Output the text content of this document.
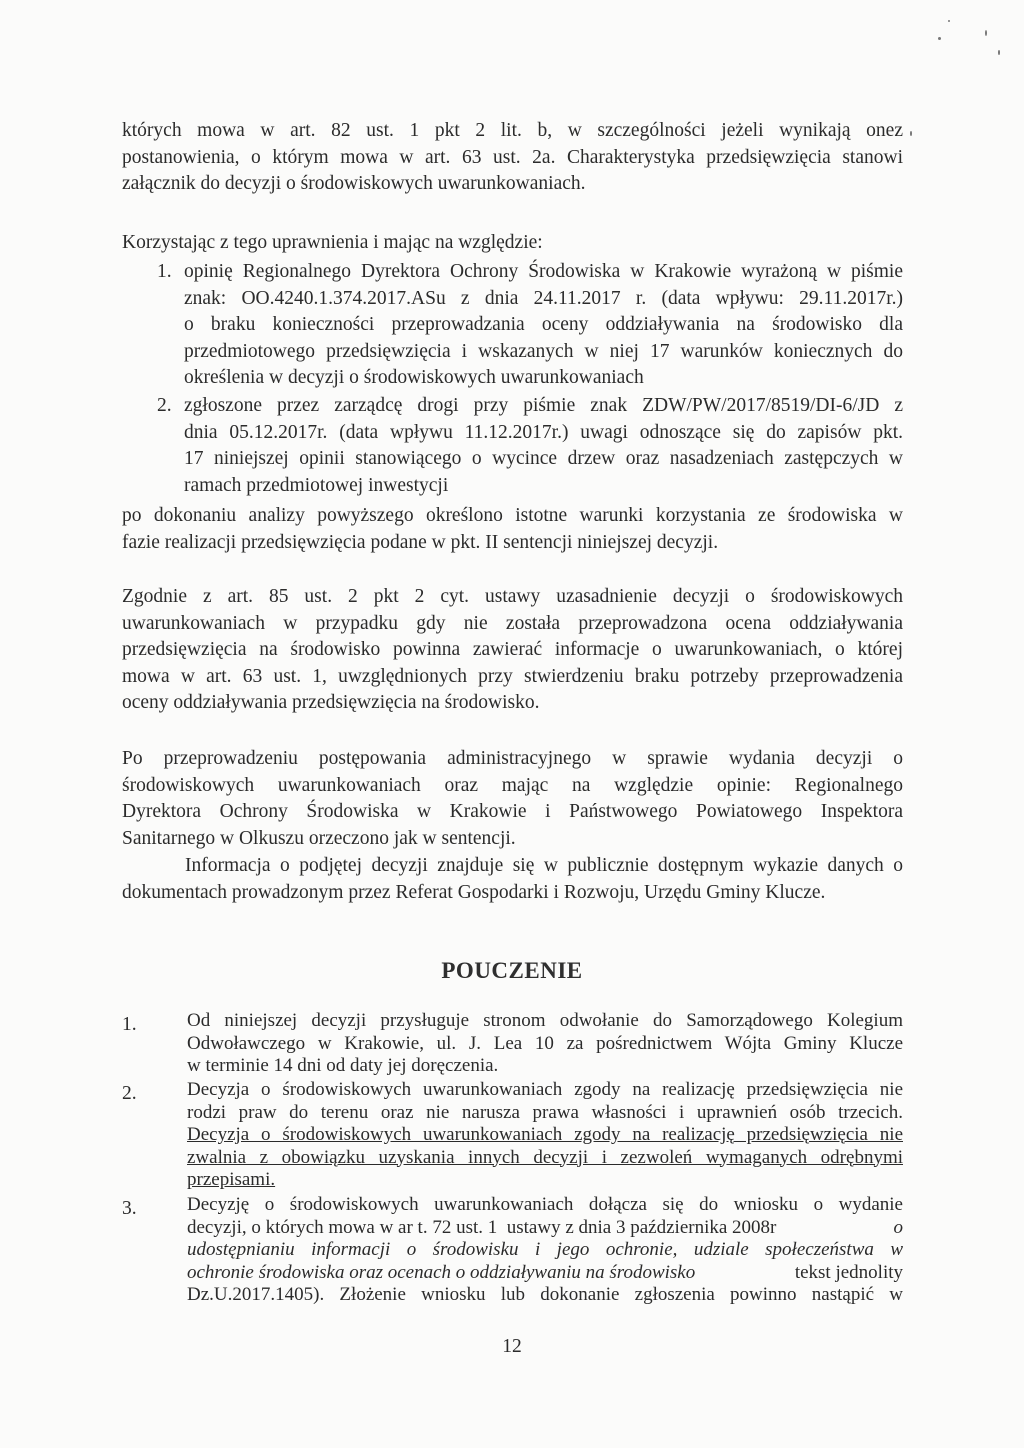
których mowa w art. 82 ust. 1 pkt 2 lit. b, w szczególności jeżeli wynikają onez
postanowienia, o którym mowa w art. 63 ust. 2a. Charakterystyka przedsięwzięcia stanowi
załącznik do decyzji o środowiskowych uwarunkowaniach.
Korzystając z tego uprawnienia i mając na względzie:
1. opinię Regionalnego Dyrektora Ochrony Środowiska w Krakowie wyrażoną w piśmie
znak: OO.4240.1.374.2017.ASu z dnia 24.11.2017 r. (data wpływu: 29.11.2017r.)
o braku konieczności przeprowadzania oceny oddziaływania na środowisko dla
przedmiotowego przedsięwzięcia i wskazanych w niej 17 warunków koniecznych do
określenia w decyzji o środowiskowych uwarunkowaniach
2. zgłoszone przez zarządcę drogi przy piśmie znak ZDW/PW/2017/8519/DI-6/JD z
dnia 05.12.2017r. (data wpływu 11.12.2017r.) uwagi odnoszące się do zapisów pkt.
17 niniejszej opinii stanowiącego o wycince drzew oraz nasadzeniach zastępczych w
ramach przedmiotowej inwestycji
po dokonaniu analizy powyższego określono istotne warunki korzystania ze środowiska w
fazie realizacji przedsięwzięcia podane w pkt. II sentencji niniejszej decyzji.
Zgodnie z art. 85 ust. 2 pkt 2 cyt. ustawy uzasadnienie decyzji o środowiskowych
uwarunkowaniach w przypadku gdy nie została przeprowadzona ocena oddziaływania
przedsięwzięcia na środowisko powinna zawierać informacje o uwarunkowaniach, o której
mowa w art. 63 ust. 1, uwzględnionych przy stwierdzeniu braku potrzeby przeprowadzenia
oceny oddziaływania przedsięwzięcia na środowisko.
Po przeprowadzeniu postępowania administracyjnego w sprawie wydania decyzji o
środowiskowych uwarunkowaniach oraz mając na względzie opinie: Regionalnego
Dyrektora Ochrony Środowiska w Krakowie i Państwowego Powiatowego Inspektora
Sanitarnego w Olkuszu orzeczono jak w sentencji.
Informacja o podjętej decyzji znajduje się w publicznie dostępnym wykazie danych o
dokumentach prowadzonym przez Referat Gospodarki i Rozwoju, Urzędu Gminy Klucze.
POUCZENIE
1.	Od niniejszej decyzji przysługuje stronom odwołanie do Samorządowego Kolegium
Odwoławczego w Krakowie, ul. J. Lea 10 za pośrednictwem Wójta Gminy Klucze
w terminie 14 dni od daty jej doręczenia.
2.	Decyzja o środowiskowych uwarunkowaniach zgody na realizację przedsięwzięcia nie
rodzi praw do terenu oraz nie narusza prawa własności i uprawnień osób trzecich.
Decyzja o środowiskowych uwarunkowaniach zgody na realizację przedsięwzięcia nie
zwalnia z obowiązku uzyskania innych decyzji i zezwoleń wymaganych odrębnymi
przepisami.
3.	Decyzję o środowiskowych uwarunkowaniach dołącza się do wniosku o wydanie
decyzji, o których mowa w ar t. 72 ust. 1  ustawy z dnia 3 października 2008r	o
udostępnianiu informacji o środowisku i jego ochronie, udziale społeczeństwa w
ochronie środowiska oraz ocenach o oddziaływaniu na środowisko	tekst jednolity
Dz.U.2017.1405). Złożenie wniosku lub dokonanie zgłoszenia powinno nastąpić w
12
